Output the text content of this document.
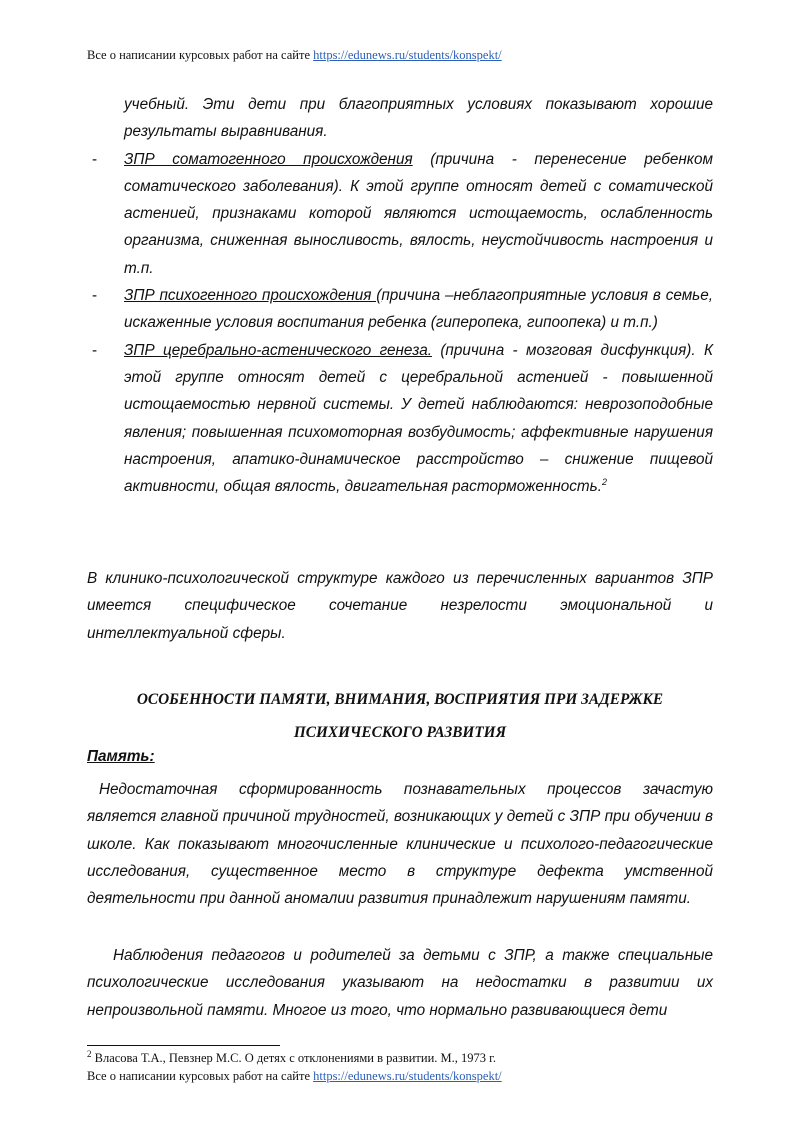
Все о написании курсовых работ на сайте https://edunews.ru/students/konspekt/
учебный. Эти дети при благоприятных условиях показывают хорошие результаты выравнивания.
- ЗПР соматогенного происхождения (причина - перенесение ребенком соматического заболевания). К этой группе относят детей с соматической астенией, признаками которой являются истощаемость, ослабленность организма, сниженная выносливость, вялость, неустойчивость настроения и т.п.
- ЗПР психогенного происхождения (причина –неблагоприятные условия в семье, искаженные условия воспитания ребенка (гиперопека, гипоопека) и т.п.)
- ЗПР церебрально-астенического генеза. (причина - мозговая дисфункция). К этой группе относят детей с церебральной астенией - повышенной истощаемостью нервной системы. У детей наблюдаются: неврозоподобные явления; повышенная психомоторная возбудимость; аффективные нарушения настроения, апатико-динамическое расстройство – снижение пищевой активности, общая вялость, двигательная расторможенность.$^2$
В клинико-психологической структуре каждого из перечисленных вариантов ЗПР имеется специфическое сочетание незрелости эмоциональной и интеллектуальной сферы.
ОСОБЕННОСТИ ПАМЯТИ, ВНИМАНИЯ, ВОСПРИЯТИЯ ПРИ ЗАДЕРЖКЕ
ПСИХИЧЕСКОГО РАЗВИТИЯ
Память:
Недостаточная сформированность познавательных процессов зачастую является главной причиной трудностей, возникающих у детей с ЗПР при обучении в школе. Как показывают многочисленные клинические и психолого-педагогические исследования, существенное место в структуре дефекта умственной деятельности при данной аномалии развития принадлежит нарушениям памяти.
Наблюдения педагогов и родителей за детьми с ЗПР, а также специальные психологические исследования указывают на недостатки в развитии их непроизвольной памяти. Многое из того, что нормально развивающиеся дети
$^2$ Власова Т.А., Певзнер М.С. О детях с отклонениями в развитии. М., 1973 г.
Все о написании курсовых работ на сайте https://edunews.ru/students/konspekt/
